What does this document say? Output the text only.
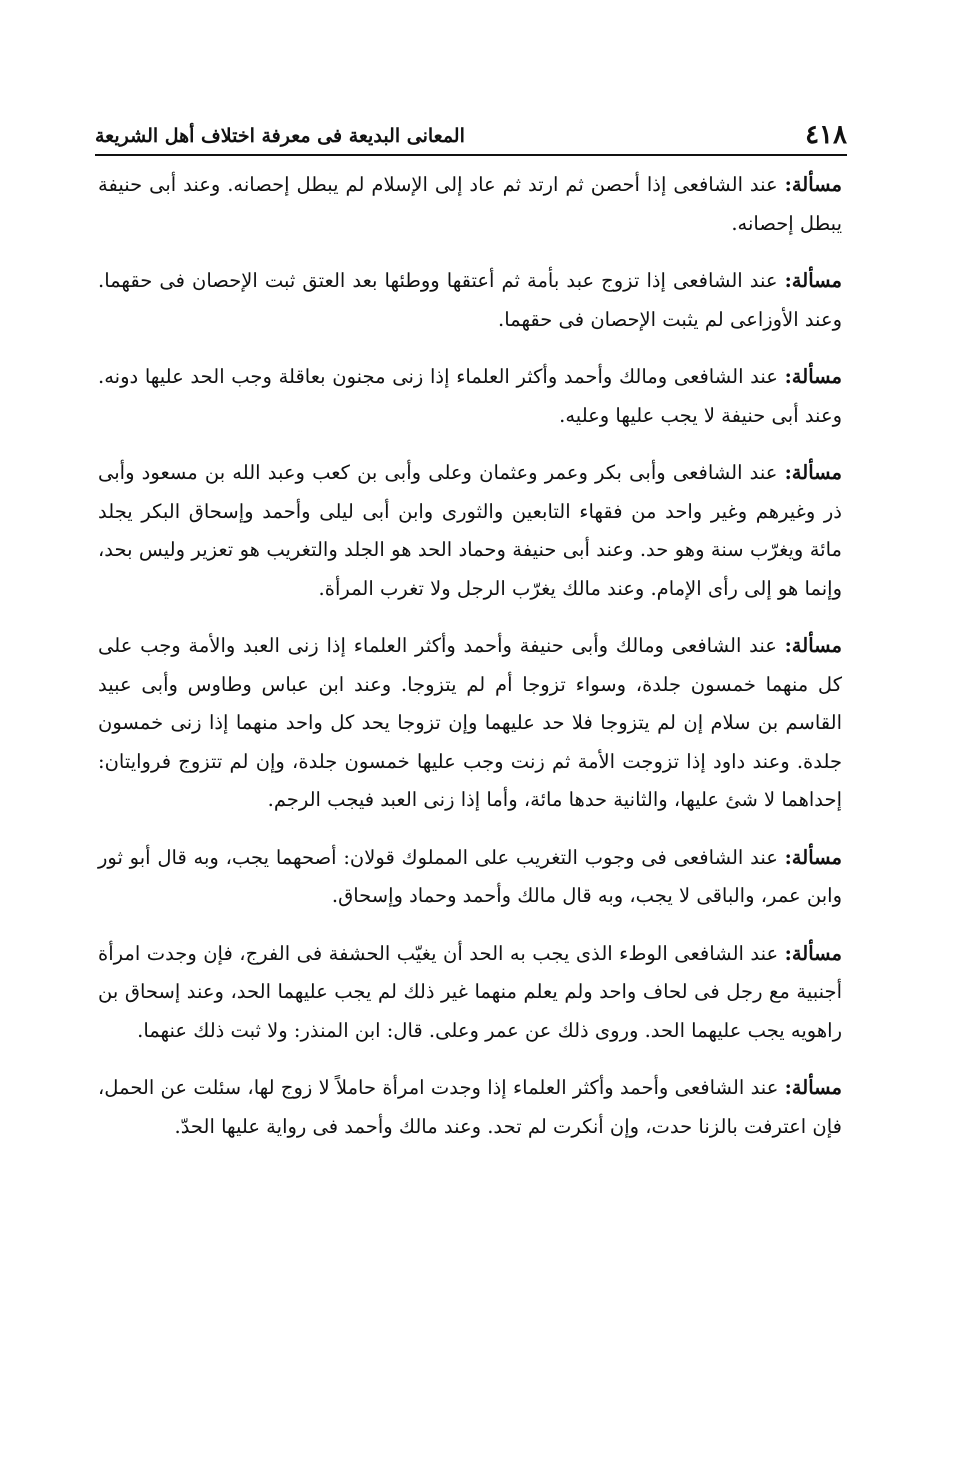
٤١٨
المعانى البديعة فى معرفة اختلاف أهل الشريعة

مسألة: عند الشافعى إذا أحصن ثم ارتد ثم عاد إلى الإسلام لم يبطل إحصانه. وعند أبى حنيفة يبطل إحصانه.

مسألة: عند الشافعى إذا تزوج عبد بأمة ثم أعتقها ووطئها بعد العتق ثبت الإحصان فى حقهما. وعند الأوزاعى لم يثبت الإحصان فى حقهما.

مسألة: عند الشافعى ومالك وأحمد وأكثر العلماء إذا زنى مجنون بعاقلة وجب الحد عليها دونه. وعند أبى حنيفة لا يجب عليها وعليه.

مسألة: عند الشافعى وأبى بكر وعمر وعثمان وعلى وأبى بن كعب وعبد الله بن مسعود وأبى ذر وغيرهم وغير واحد من فقهاء التابعين والثورى وابن أبى ليلى وأحمد وإسحاق البكر يجلد مائة ويغرّب سنة وهو حد. وعند أبى حنيفة وحماد الحد هو الجلد والتغريب هو تعزير وليس بحد، وإنما هو إلى رأى الإمام. وعند مالك يغرّب الرجل ولا تغرب المرأة.

مسألة: عند الشافعى ومالك وأبى حنيفة وأحمد وأكثر العلماء إذا زنى العبد والأمة وجب على كل منهما خمسون جلدة، وسواء تزوجا أم لم يتزوجا. وعند ابن عباس وطاوس وأبى عبيد القاسم بن سلام إن لم يتزوجا فلا حد عليهما وإن تزوجا يحد كل واحد منهما إذا زنى خمسون جلدة. وعند داود إذا تزوجت الأمة ثم زنت وجب عليها خمسون جلدة، وإن لم تتزوج فروايتان: إحداهما لا شئ عليها، والثانية حدها مائة، وأما إذا زنى العبد فيجب الرجم.

مسألة: عند الشافعى فى وجوب التغريب على المملوك قولان: أصحهما يجب، وبه قال أبو ثور وابن عمر، والباقى لا يجب، وبه قال مالك وأحمد وحماد وإسحاق.

مسألة: عند الشافعى الوطء الذى يجب به الحد أن يغيّب الحشفة فى الفرج، فإن وجدت امرأة أجنبية مع رجل فى لحاف واحد ولم يعلم منهما غير ذلك لم يجب عليهما الحد، وعند إسحاق بن راهويه يجب عليهما الحد. وروى ذلك عن عمر وعلى. قال: ابن المنذر: ولا ثبت ذلك عنهما.

مسألة: عند الشافعى وأحمد وأكثر العلماء إذا وجدت امرأة حاملاً لا زوج لها، سئلت عن الحمل، فإن اعترفت بالزنا حدت، وإن أنكرت لم تحد. وعند مالك وأحمد فى رواية عليها الحدّ.
